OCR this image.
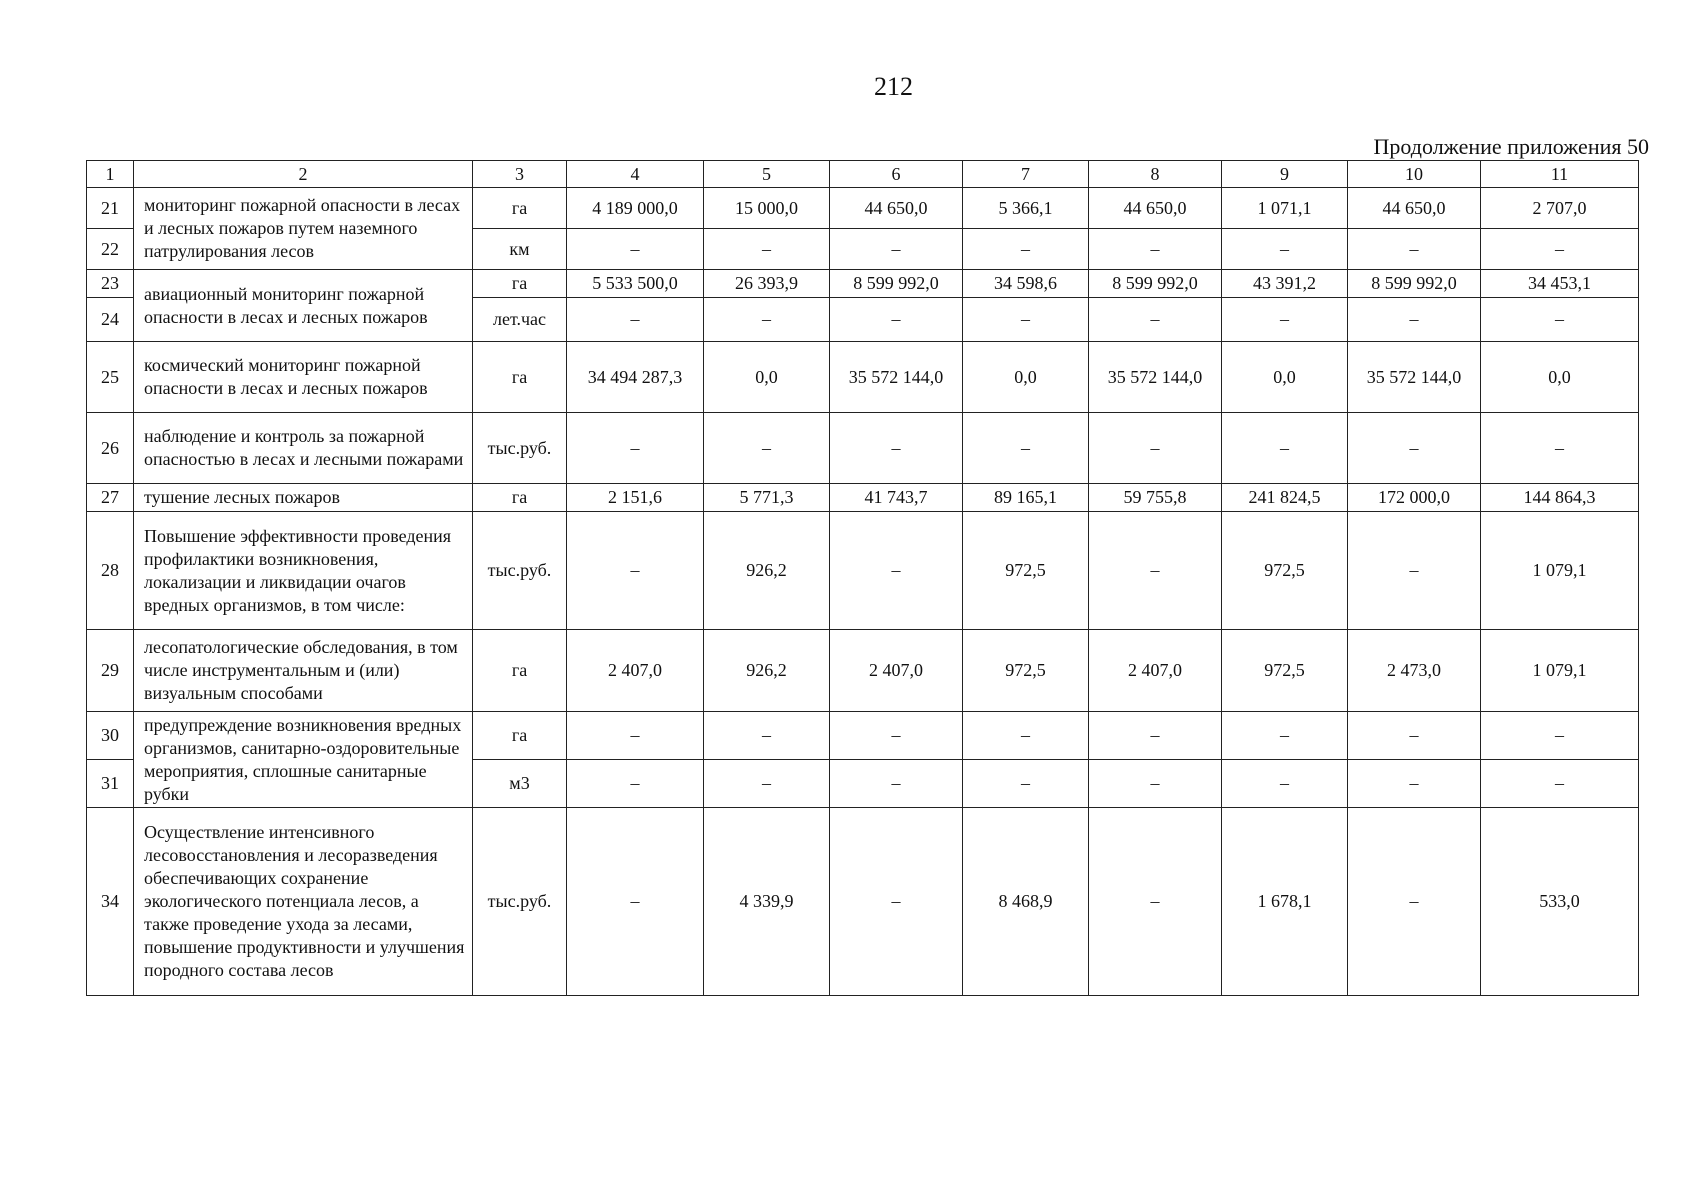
212
Продолжение приложения 50
1	2	3	4	5	6	7	8	9	10	11
21	мониторинг пожарной опасности в лесах и лесных пожаров путем наземного патрулирования лесов	га	4 189 000,0	15 000,0	44 650,0	5 366,1	44 650,0	1 071,1	44 650,0	2 707,0
22		км	–	–	–	–	–	–	–	–
23	авиационный мониторинг пожарной опасности в лесах и лесных пожаров	га	5 533 500,0	26 393,9	8 599 992,0	34 598,6	8 599 992,0	43 391,2	8 599 992,0	34 453,1
24		лет.час	–	–	–	–	–	–	–	–
25	космический мониторинг пожарной опасности в лесах и лесных пожаров	га	34 494 287,3	0,0	35 572 144,0	0,0	35 572 144,0	0,0	35 572 144,0	0,0
26	наблюдение и контроль за пожарной опасностью в лесах и лесными пожарами	тыс.руб.	–	–	–	–	–	–	–	–
27	тушение лесных пожаров	га	2 151,6	5 771,3	41 743,7	89 165,1	59 755,8	241 824,5	172 000,0	144 864,3
28	Повышение эффективности проведения профилактики возникновения, локализации и ликвидации очагов вредных организмов, в том числе:	тыс.руб.	–	926,2	–	972,5	–	972,5	–	1 079,1
29	лесопатологические обследования, в том числе инструментальным и (или) визуальным способами	га	2 407,0	926,2	2 407,0	972,5	2 407,0	972,5	2 473,0	1 079,1
30	предупреждение возникновения вредных организмов, санитарно-оздоровительные мероприятия, сплошные санитарные рубки	га	–	–	–	–	–	–	–	–
31		м3	–	–	–	–	–	–	–	–
34	Осуществление интенсивного лесовосстановления и лесоразведения обеспечивающих сохранение экологического потенциала лесов, а также проведение ухода за лесами, повышение продуктивности и улучшения породного состава лесов	тыс.руб.	–	4 339,9	–	8 468,9	–	1 678,1	–	533,0
